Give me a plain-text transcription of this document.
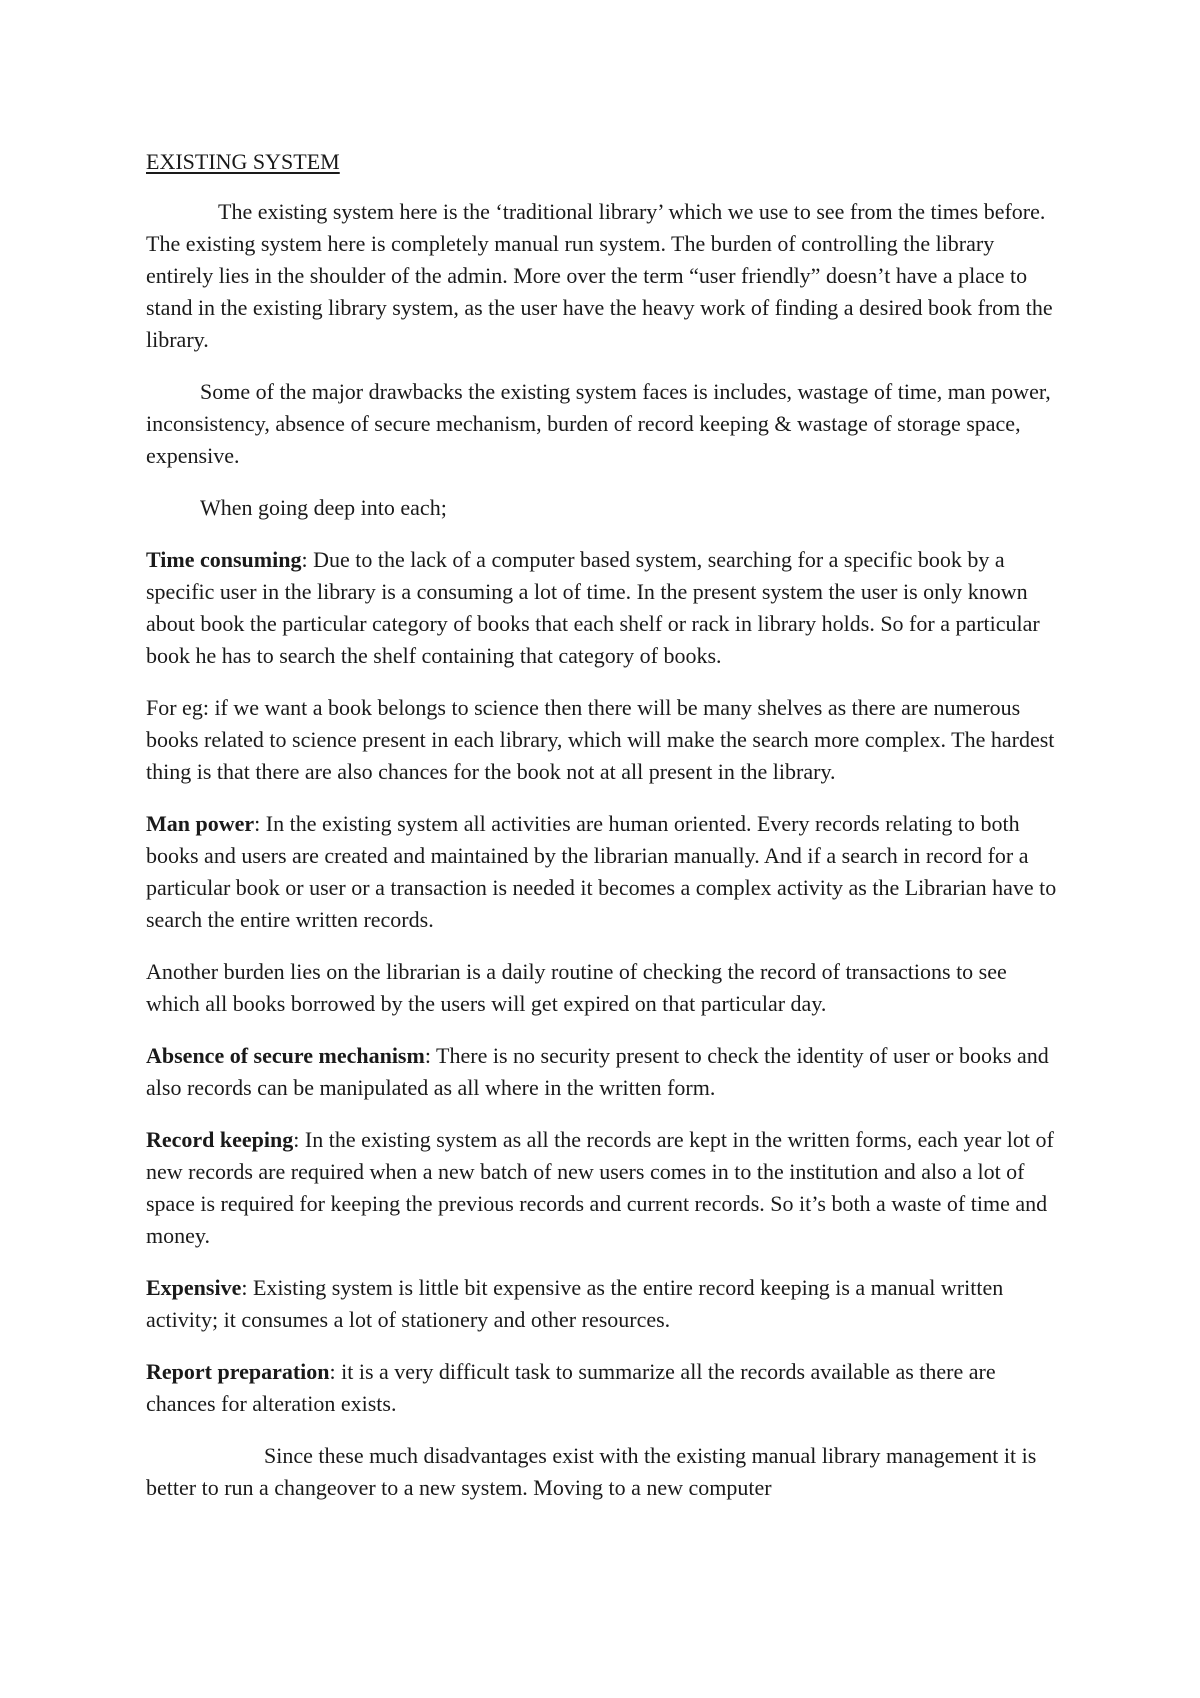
EXISTING SYSTEM

The existing system here is the ‘traditional library’ which we use to see from the times before. The existing system here is completely manual run system. The burden of controlling the library entirely lies in the shoulder of the admin. More over the term “user friendly” doesn’t have a place to stand in the existing library system, as the user have the heavy work of finding a desired book from the library.

Some of the major drawbacks the existing system faces is includes, wastage of time, man power, inconsistency, absence of secure mechanism, burden of record keeping & wastage of storage space, expensive.

When going deep into each;

Time consuming: Due to the lack of a computer based system, searching for a specific book by a specific user in the library is a consuming a lot of time. In the present system the user is only known about book the particular category of books that each shelf or rack in library holds. So for a particular book he has to search the shelf containing that category of books.

For eg: if we want a book belongs to science then there will be many shelves as there are numerous books related to science present in each library, which will make the search more complex. The hardest thing is that there are also chances for the book not at all present in the library.

Man power: In the existing system all activities are human oriented. Every records relating to both books and users are created and maintained by the librarian manually. And if a search in record for a particular book or user or a transaction is needed it becomes a complex activity as the Librarian have to search the entire written records.

Another burden lies on the librarian is a daily routine of checking the record of transactions to see which all books borrowed by the users will get expired on that particular day.

Absence of secure mechanism: There is no security present to check the identity of user or books and also records can be manipulated as all where in the written form.

Record keeping: In the existing system as all the records are kept in the written forms, each year lot of new records are required when a new batch of new users comes in to the institution and also a lot of space is required for keeping the previous records and current records. So it’s both a waste of time and money.

Expensive: Existing system is little bit expensive as the entire record keeping is a manual written activity; it consumes a lot of stationery and other resources.

Report preparation: it is a very difficult task to summarize all the records available as there are chances for alteration exists.

Since these much disadvantages exist with the existing manual library management it is better to run a changeover to a new system. Moving to a new computer
